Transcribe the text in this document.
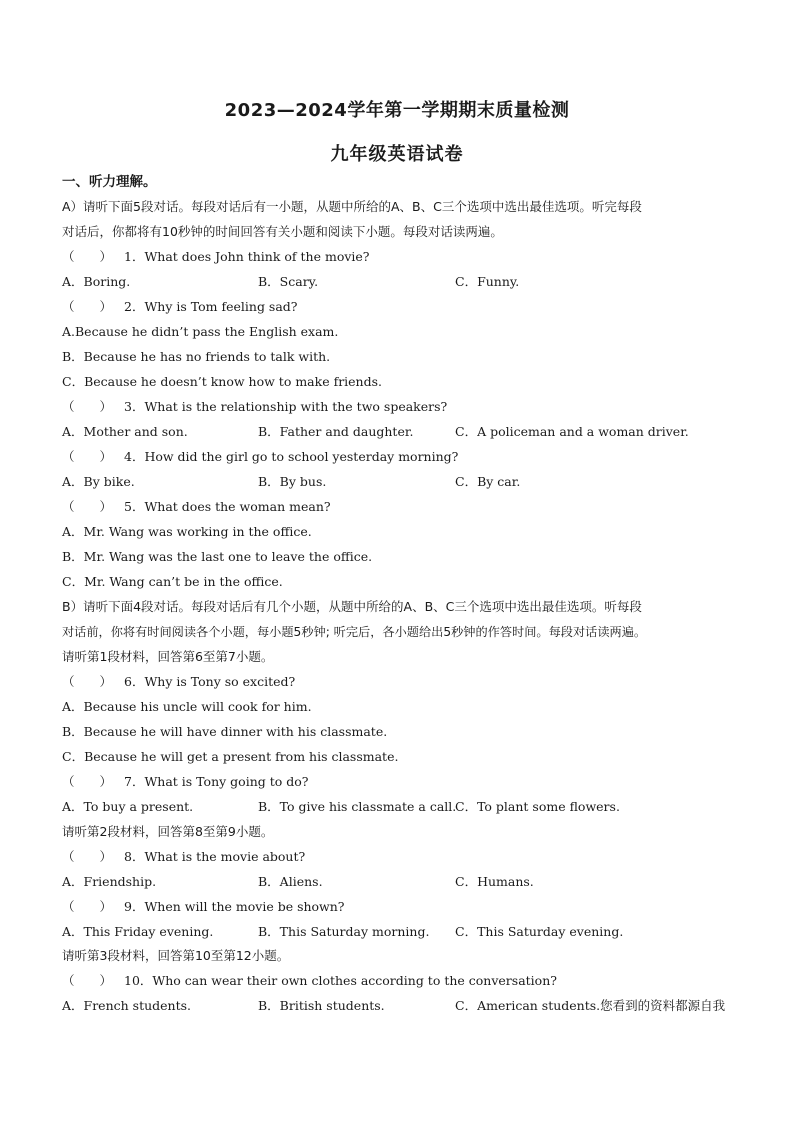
2023—2024学年第一学期期末质量检测
九年级英语试卷
一、听力理解。
A）请听下面5段对话。每段对话后有一小题，从题中所给的A、B、C三个选项中选出最佳选项。听完每段
对话后，你都将有10秒钟的时间回答有关小题和阅读下小题。每段对话读两遍。
（　　） 1．What does John think of the movie?
A．Boring.	B．Scary.	C．Funny.
（　　） 2．Why is Tom feeling sad?
A.Because he didn’t pass the English exam.
B．Because he has no friends to talk with.
C．Because he doesn’t know how to make friends.
（　　） 3．What is the relationship with the two speakers?
A．Mother and son.	B．Father and daughter.	C．A policeman and a woman driver.
（　　） 4．How did the girl go to school yesterday morning?
A．By bike.	B．By bus.	C．By car.
（　　） 5．What does the woman mean?
A．Mr. Wang was working in the office.
B．Mr. Wang was the last one to leave the office.
C．Mr. Wang can’t be in the office.
B）请听下面4段对话。每段对话后有几个小题，从题中所给的A、B、C三个选项中选出最佳选项。听每段
对话前，你将有时间阅读各个小题，每小题5秒钟; 听完后，各小题给出5秒钟的作答时间。每段对话读两遍。
请听第1段材料，回答第6至第7小题。
（　　） 6．Why is Tony so excited?
A．Because his uncle will cook for him.
B．Because he will have dinner with his classmate.
C．Because he will get a present from his classmate.
（　　） 7．What is Tony going to do?
A．To buy a present.	B．To give his classmate a call.
C．To plant some flowers.
请听第2段材料，回答第8至第9小题。
（　　） 8．What is the movie about?
A．Friendship.	B．Aliens.	C．Humans.
（　　） 9．When will the movie be shown?
A．This Friday evening.	B．This Saturday morning. C．This Saturday evening.
请听第3段材料，回答第10至第12小题。
（　　） 10．Who can wear their own clothes according to the conversation?
A．French students.	B．British students.	C．American students.您看到的资料都源自我
